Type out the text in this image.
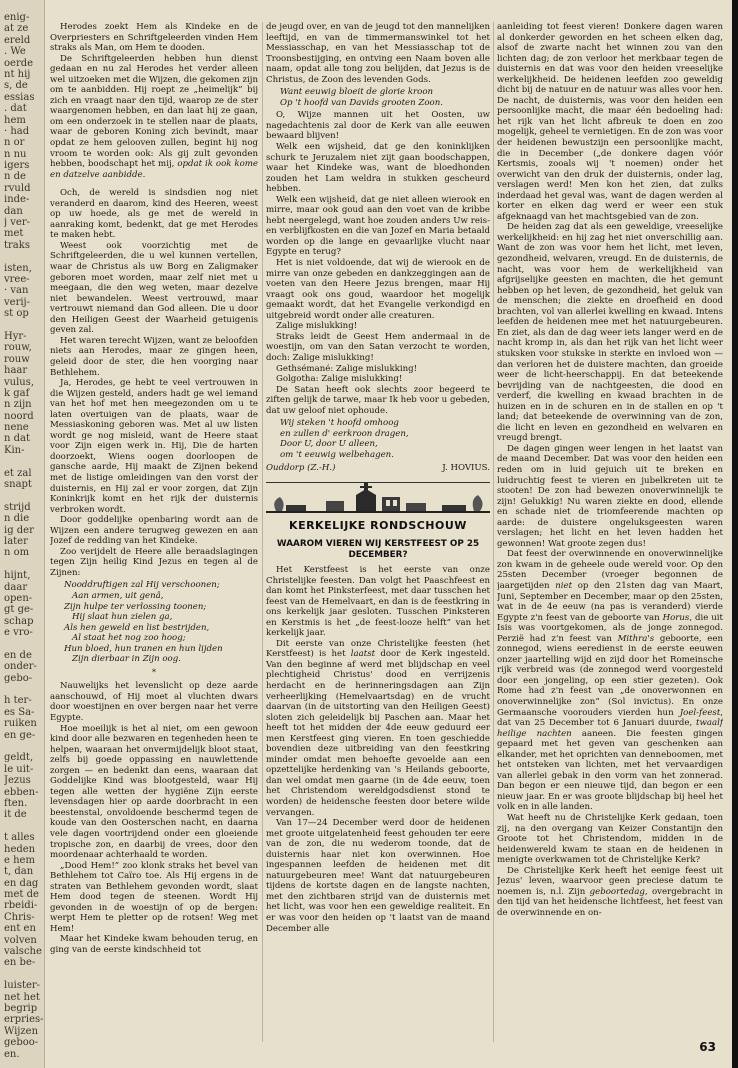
enig-
at ze
ereld
. We
oerde
nt hij
s, de
essias
. dat
hem
· had
n or
n nu
igers
n de
rvuld
inde-
dan
j ver-
met
traks
isten,
vree-
· van
verij-
st op
Hyr-
rouw,
rouw
haar
vulus,
k gaf
n zijn
noord
nene
n dat
Kin-
et zal
snapt
strijd
n die
ig der
later
n om
hijnt,
daar
open-
gt ge-
schap
e vro-
en de
onder-
gebo-
h ter-
es Sa-
ruiken
en ge-
geldt,
le uit-
Jezus
ebben-
ften.
it de
t alles
heden
e hem
t, dan
en dag
met de
rbeidi-
Chris-
ent en
volven
valsche
en be-
luister-
net het
begrip
erpries-
Wijzen
geboo-
en.

Herodes zoekt Hem als Kindeke en de Overpriesters en Schriftgeleerden vinden Hem straks als Man, om Hem te dooden.

De Schriftgeleerden hebben hun dienst gedaan en nu zal Herodes het verder alleen wel uitzoeken met die Wijzen, die gekomen zijn om te aanbidden. Hij roept ze „heimelijk” bij zich en vraagt naar den tijd, waarop ze de ster waargenomen hebben, en dan laat hij ze gaan, om een onderzoek in te stellen naar de plaats, waar de geboren Koning zich bevindt, maar opdat ze hem gelooven zullen, begint hij nog vroom te worden ook: Als gij zult gevonden hebben, boodschapt het mij, opdat ik ook kome en datzelve aanbidde.

Och, de wereld is sindsdien nog niet veranderd en daarom, kind des Heeren, weest op uw hoede, als ge met de wereld in aanraking komt, bedenkt, dat ge met Herodes te maken hebt.

Weest ook voorzichtig met de Schriftgeleerden, die u wel kunnen vertellen, waar de Christus als uw Borg en Zaligmaker geboren moet worden, maar zelf niet met u meegaan, die den weg weten, maar dezelve niet bewandelen. Weest vertrouwd, maar vertrouwt niemand dan God alleen. Die u door den Heiligen Geest der Waarheid getuigenis geven zal.

Het waren terecht Wijzen, want ze beloofden niets aan Herodes, maar ze gingen heen, geleid door de ster, die hen voorging naar Bethlehem.

Ja, Herodes, ge hebt te veel vertrouwen in die Wijzen gesteld, anders hadt ge wel iemand van het hof met hen meegezonden om u te laten overtuigen van de plaats, waar de Messiaskoning geboren was. Met al uw listen wordt ge nog misleid, want de Heere staat voor Zijn eigen werk in. Hij, Die de harten doorzoekt, Wiens oogen doorloopen de gansche aarde, Hij maakt de Zijnen bekend met de listige omleidingen van den vorst der duisternis, en Hij zal er voor zorgen, dat Zijn Koninkrijk komt en het rijk der duisternis verbroken wordt.

Door goddelijke openbaring wordt aan de Wijzen een andere terugweg gewezen en aan Jozef de redding van het Kindeke.

Zoo verijdelt de Heere alle beraadslagingen tegen Zijn heilig Kind Jezus en tegen al de Zijnen:

Nooddruftigen zal Hij verschoonen;
Aan armen, uit genâ,
Zijn hulpe ter verlossing toonen;
Hij slaat hun zielen ga,
Als hen geweld en list bestrijden,
Al staat het nog zoo hoog;
Hun bloed, hun tranen en hun lijden
Zijn dierbaar in Zijn oog.
*

Nauwelijks het levenslicht op deze aarde aanschouwd, of Hij moet al vluchten dwars door woestijnen en over bergen naar het verre Egypte.

Hoe moeilijk is het al niet, om een gewoon kind door alle bezwaren en tegenheden heen te helpen, waaraan het onvermijdelijk bloot staat, zelfs bij goede oppassing en nauwlettende zorgen — en bedenkt dan eens, waaraan dat Goddelijke Kind was blootgesteld, waar Hij tegen alle wetten der hygiëne Zijn eerste levensdagen hier op aarde doorbracht in een beestenstal, onvoldoende beschermd tegen de koude van den Oosterschen nacht, en daarna vele dagen voortrijdend onder een gloeiende tropische zon, en daarbij de vrees, door den moordenaar achterhaald te worden.

„Dood Hem!” zoo klonk straks het bevel van Bethlehem tot Caïro toe. Als Hij ergens in de straten van Bethlehem gevonden wordt, slaat Hem dood tegen de steenen. Wordt Hij gevonden in de woestijn of op de bergen: werpt Hem te pletter op de rotsen! Weg met Hem!

Maar het Kindeke kwam behouden terug, en ging van de eerste kindschheid tot

de jeugd over, en van de jeugd tot den mannelijken leeftijd, en van de timmermanswinkel tot het Messiasschap, en van het Messiasschap tot de Troonsbestijging, en ontving een Naam boven alle naam, opdat alle tong zou belijden, dat Jezus is de Christus, de Zoon des levenden Gods.

Want eeuwig bloeit de glorie kroon
Op 't hoofd van Davids grooten Zoon.

O, Wijze mannen uit het Oosten, uw nagedachtenis zal door de Kerk van alle eeuwen bewaard blijven!

Welk een wijsheid, dat ge den koninklijken schurk te Jeruzalem niet zijt gaan boodschappen, waar het Kindeke was, want de bloedhonden zouden het Lam weldra in stukken gescheurd hebben.

Welk een wijsheid, dat ge niet alleen wierook en mirre, maar ook goud aan den voet van de kribbe hebt neergelegd, want hoe zouden anders Uw reis- en verblijfkosten en die van Jozef en Maria betaald worden op die lange en gevaarlijke vlucht naar Egypte en terug?

Het is niet voldoende, dat wij de wierook en de mirre van onze gebeden en dankzeggingen aan de voeten van den Heere Jezus brengen, maar Hij vraagt ook ons goud, waardoor het mogelijk gemaakt wordt, dat het Evangelie verkondigd en uitgebreid wordt onder alle creaturen.

Zalige mislukking!

Straks leidt de Geest Hem andermaal in de woestijn, om van den Satan verzocht te worden, doch: Zalige mislukking!

Gethsémané: Zalige mislukking!

Golgotha: Zalige mislukking!

De Satan heeft ook slechts zoor begeerd te ziften gelijk de tarwe, maar Ik heb voor u gebeden, dat uw geloof niet ophoude.

Wij steken 't hoofd omhoog
en zullen d' eerkroon dragen,
Door U, door U alleen,
om 't eeuwig welbehagen.
Ouddorp (Z.-H.)	J. HOVIUS.
KERKELIJKE RONDSCHOUW
WAAROM VIEREN WIJ KERSTFEEST OP 25 DECEMBER?

Het Kerstfeest is het eerste van onze Christelijke feesten. Dan volgt het Paaschfeest en dan komt het Pinksterfeest, met daar tusschen het feest van de Hemelvaart, en dan is de feestkring in ons kerkelijk jaar gesloten. Tusschen Pinksteren en Kerstmis is het „de feest-looze helft” van het kerkelijk jaar.

Dit eerste van onze Christelijke feesten (het Kerstfeest) is het laatst door de Kerk ingesteld. Van den beginne af werd met blijdschap en veel plechtigheid Christus' dood en verrijzenis herdacht en de herinneringsdagen aan Zijn verheerlijking (Hemelvaartsdag) en de vrucht daarvan (in de uitstorting van den Heiligen Geest) sloten zich geleidelijk bij Paschen aan. Maar het heeft tot het midden der 4de eeuw geduurd eer men Kerstfeest ging vieren. En toen geschiedde bovendien deze uitbreiding van den feestkring minder omdat men behoefte gevoelde aan een opzettelijke herdenking van 's Heilands geboorte, dan wel omdat men gaarne (in de 4de eeuw, toen het Christendom wereldgodsdienst stond te worden) de heidensche feesten door betere wilde vervangen.

Van 17—24 December werd door de heidenen met groote uitgelatenheid feest gehouden ter eere van de zon, die nu wederom toonde, dat de duisternis haar niet kon overwinnen. Hoe ingespannen leefden de heidenen met dit natuurgebeuren mee! Want dat natuurgebeuren tijdens de kortste dagen en de langste nachten, met den zichtbaren strijd van de duisternis met het licht, was voor hen een geweldige realiteit. En er was voor den heiden op 't laatst van de maand December alle

aanleiding tot feest vieren! Donkere dagen waren al donkerder geworden en het scheen elken dag, alsof de zwarte nacht het winnen zou van den lichten dag; de zon verloor het merkbaar tegen de duisternis en dat was voor den heiden vreeselijke werkelijkheid. De heidenen leefden zoo geweldig dicht bij de natuur en de natuur was alles voor hen. De nacht, de duisternis, was voor den heiden een persoonlijke macht, die maar één bedoeling had: het rijk van het licht afbreuk te doen en zoo mogelijk, geheel te vernietigen. En de zon was voor der heidenen bewustzijn een persoonlijke macht, die in December („de donkere dagen vóór Kertsmis, zooals wij 't noemen) onder het overwicht van den druk der duisternis, onder lag, verslagen werd! Men kon het zien, dat zulks inderdaad het geval was, want de dagen werden al korter en elken dag werd er weer een stuk afgeknaagd van het machtsgebied van de zon.

De heiden zag dat als een geweldige, vreeselijke werkelijkheid: en hij zag het niet onverschillig aan. Want de zon was voor hem het licht, met leven, gezondheid, welvaren, vreugd. En de duisternis, de nacht, was voor hem de werkelijkheid van afgrijselijke geesten en machten, die het gemunt hebben op het leven, de gezondheid, het geluk van de menschen; die ziekte en droefheid en dood brachten, vol van allerlei kwelling en kwaad. Intens leefden de heidenen mee met het natuurgebeuren. En ziet, als dan de dag weer iets langer werd en de nacht kromp in, als dan het rijk van het licht weer stuksken voor stukske in sterkte en invloed won — dan verloren het de duistere machten, dan groeide weer de licht-heerschappij. En dat beteekende bevrijding van de nachtgeesten, die dood en verderf, die kwelling en kwaad brachten in de huizen en in de schuren en in de stallen en op 't land; dat beteekende de overwinning van de zon, die licht en leven en gezondheid en welvaren en vreugd brengt.

De dagen gingen weer lengen in het laatst van de maand December. Dat was voor den heiden een reden om in luid gejuich uit te breken en luidruchtig feest te vieren en jubelkreten uit te stooten! De zon had bewezen onoverwinnelijk te zijn! Gelukkig! Nu waren ziekte en dood, ellende en schade niet de triomfeerende machten op aarde: de duistere ongeluksgeesten waren verslagen; het licht en het leven hadden het gewonnen! Wat groote zegen dus!

Dat feest der overwinnende en onoverwinnelijke zon kwam in de geheele oude wereld voor. Op den 25sten December (vroeger begonnen de jaargetijden niet op den 21sten dag van Maart, Juni, September en December, maar op den 25sten, wat in de 4e eeuw (na pas is veranderd) vierde Egypte z'n feest van de geboorte van Horus, die uit Isis was voortgekomen, als de jonge zonnegod. Perzië had z'n feest van Mithra's geboorte, een zonnegod, wiens eeredienst in de eerste eeuwen onzer jaartelling wijd en zijd door het Romeinsche rijk verbreid was (de zonnegod werd voorgesteld door een jongeling, op een stier gezeten). Ook Rome had z'n feest van „de onoverwonnen en onoverwinnelijke zon” (Sol invictus). En onze Germaansche voorouders vierden hun Joel-feest, dat van 25 December tot 6 Januari duurde, twaalf heilige nachten aaneen. Die feesten gingen gepaard met het geven van geschenken aan elkander, met het oprichten van denneboomen, met het ontsteken van lichten, met het vervaardigen van allerlei gebak in den vorm van het zonnerad. Dan begon er een nieuwe tijd, dan begon er een nieuw jaar. En er was groote blijdschap bij heel het volk en in alle landen.

Wat heeft nu de Christelijke Kerk gedaan, toen zij, na den overgang van Keizer Constantijn den Groote tot het Christendom, midden in de heidenwereld kwam te staan en de heidenen in menigte overkwamen tot de Christelijke Kerk?

De Christelijke Kerk heeft het eenige feest uit Jezus' leven, waarvoor geen preciese datum te noemen is, n.l. Zijn geboortedag, overgebracht in den tijd van het heidensche lichtfeest, het feest van de overwinnende en on-

63
